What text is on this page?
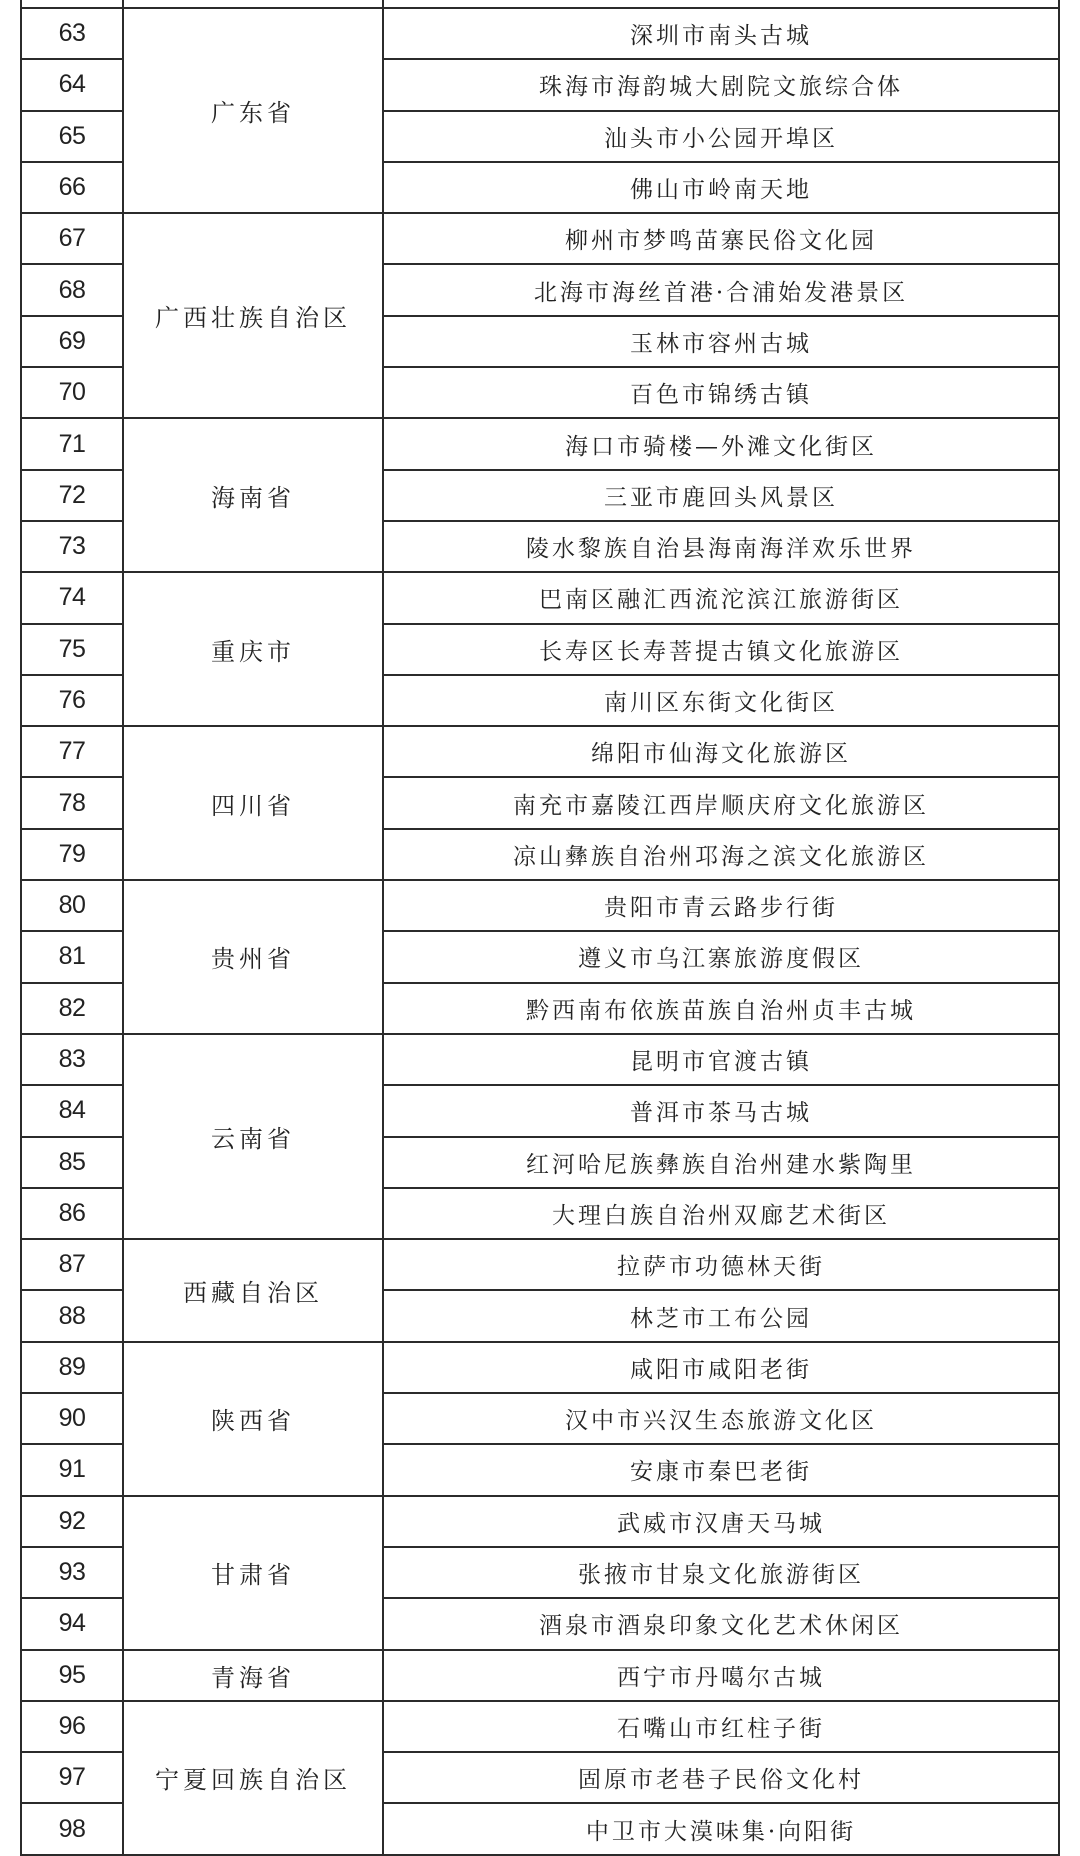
63	广东省	深圳市南头古城
64		珠海市海韵城大剧院文旅综合体
65		汕头市小公园开埠区
66		佛山市岭南天地
67	广西壮族自治区	柳州市梦鸣苗寨民俗文化园
68		北海市海丝首港·合浦始发港景区
69		玉林市容州古城
70		百色市锦绣古镇
71	海南省	海口市骑楼—外滩文化街区
72		三亚市鹿回头风景区
73		陵水黎族自治县海南海洋欢乐世界
74	重庆市	巴南区融汇西流沱滨江旅游街区
75		长寿区长寿菩提古镇文化旅游区
76		南川区东街文化街区
77	四川省	绵阳市仙海文化旅游区
78		南充市嘉陵江西岸顺庆府文化旅游区
79		凉山彝族自治州邛海之滨文化旅游区
80	贵州省	贵阳市青云路步行街
81		遵义市乌江寨旅游度假区
82		黔西南布依族苗族自治州贞丰古城
83	云南省	昆明市官渡古镇
84		普洱市茶马古城
85		红河哈尼族彝族自治州建水紫陶里
86		大理白族自治州双廊艺术街区
87	西藏自治区	拉萨市功德林天街
88		林芝市工布公园
89	陕西省	咸阳市咸阳老街
90		汉中市兴汉生态旅游文化区
91		安康市秦巴老街
92	甘肃省	武威市汉唐天马城
93		张掖市甘泉文化旅游街区
94		酒泉市酒泉印象文化艺术休闲区
95	青海省	西宁市丹噶尔古城
96	宁夏回族自治区	石嘴山市红柱子街
97		固原市老巷子民俗文化村
98		中卫市大漠味集·向阳街
